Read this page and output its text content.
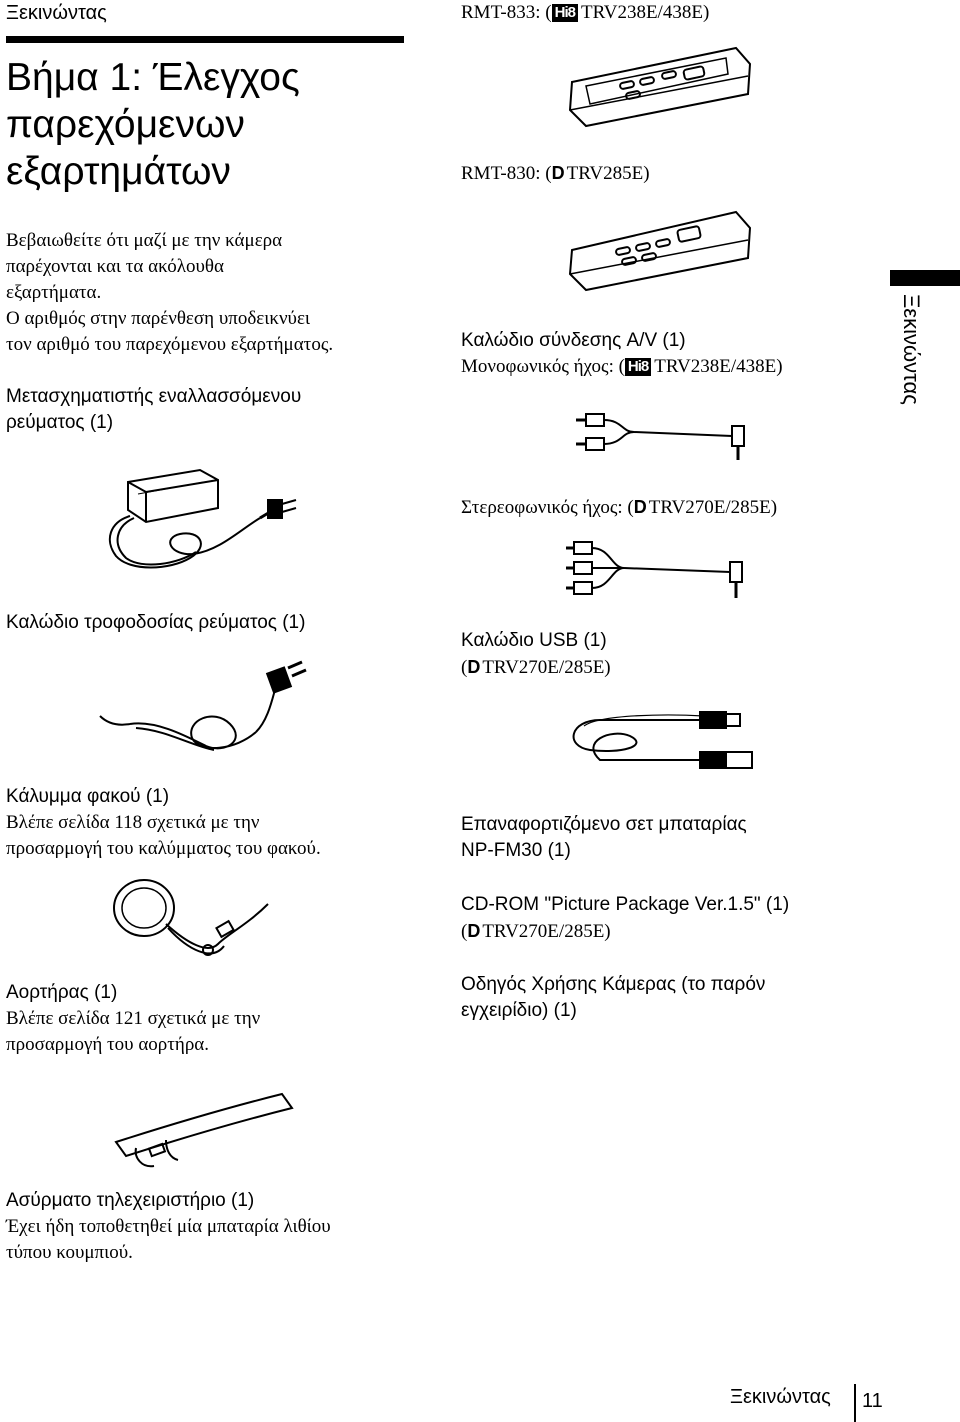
Ξεκινώντας
Βήμα 1: Έλεγχος
παρεχόμενων
εξαρτημάτων
Βεβαιωθείτε ότι μαζί με την κάμερα
παρέχονται και τα ακόλουθα
εξαρτήματα.
Ο αριθμός στην παρένθεση υποδεικνύει
τον αριθμό του παρεχόμενου εξαρτήματος.
Μετασχηματιστής εναλλασσόμενου
ρεύματος (1)
Καλώδιο τροφοδοσίας ρεύματος (1)
Κάλυμμα φακού (1)
Βλέπε σελίδα 118 σχετικά με την
προσαρμογή του καλύμματος του φακού.
Αορτήρας (1)
Βλέπε σελίδα 121 σχετικά με την
προσαρμογή του αορτήρα.
Ασύρματο τηλεχειριστήριο (1)
Έχει ήδη τοποθετηθεί μία μπαταρία λιθίου
τύπου κουμπιού.
RMT-833: ( Hi8 TRV238E/438E)
RMT-830: (D TRV285E)
Καλώδιο σύνδεσης A/V (1)
Μονοφωνικός ήχος: ( Hi8 TRV238E/438E)
Στερεοφωνικός ήχος: (D TRV270E/285E)
Καλώδιο USB (1)
(D TRV270E/285E)
Επαναφορτιζόμενο σετ μπαταρίας
NP-FM30 (1)
CD-ROM "Picture Package Ver.1.5" (1)
(D TRV270E/285E)
Οδηγός Χρήσης Κάμερας (το παρόν
εγχειρίδιο) (1)
Ξεκινώντας
Ξεκινώντας 11
